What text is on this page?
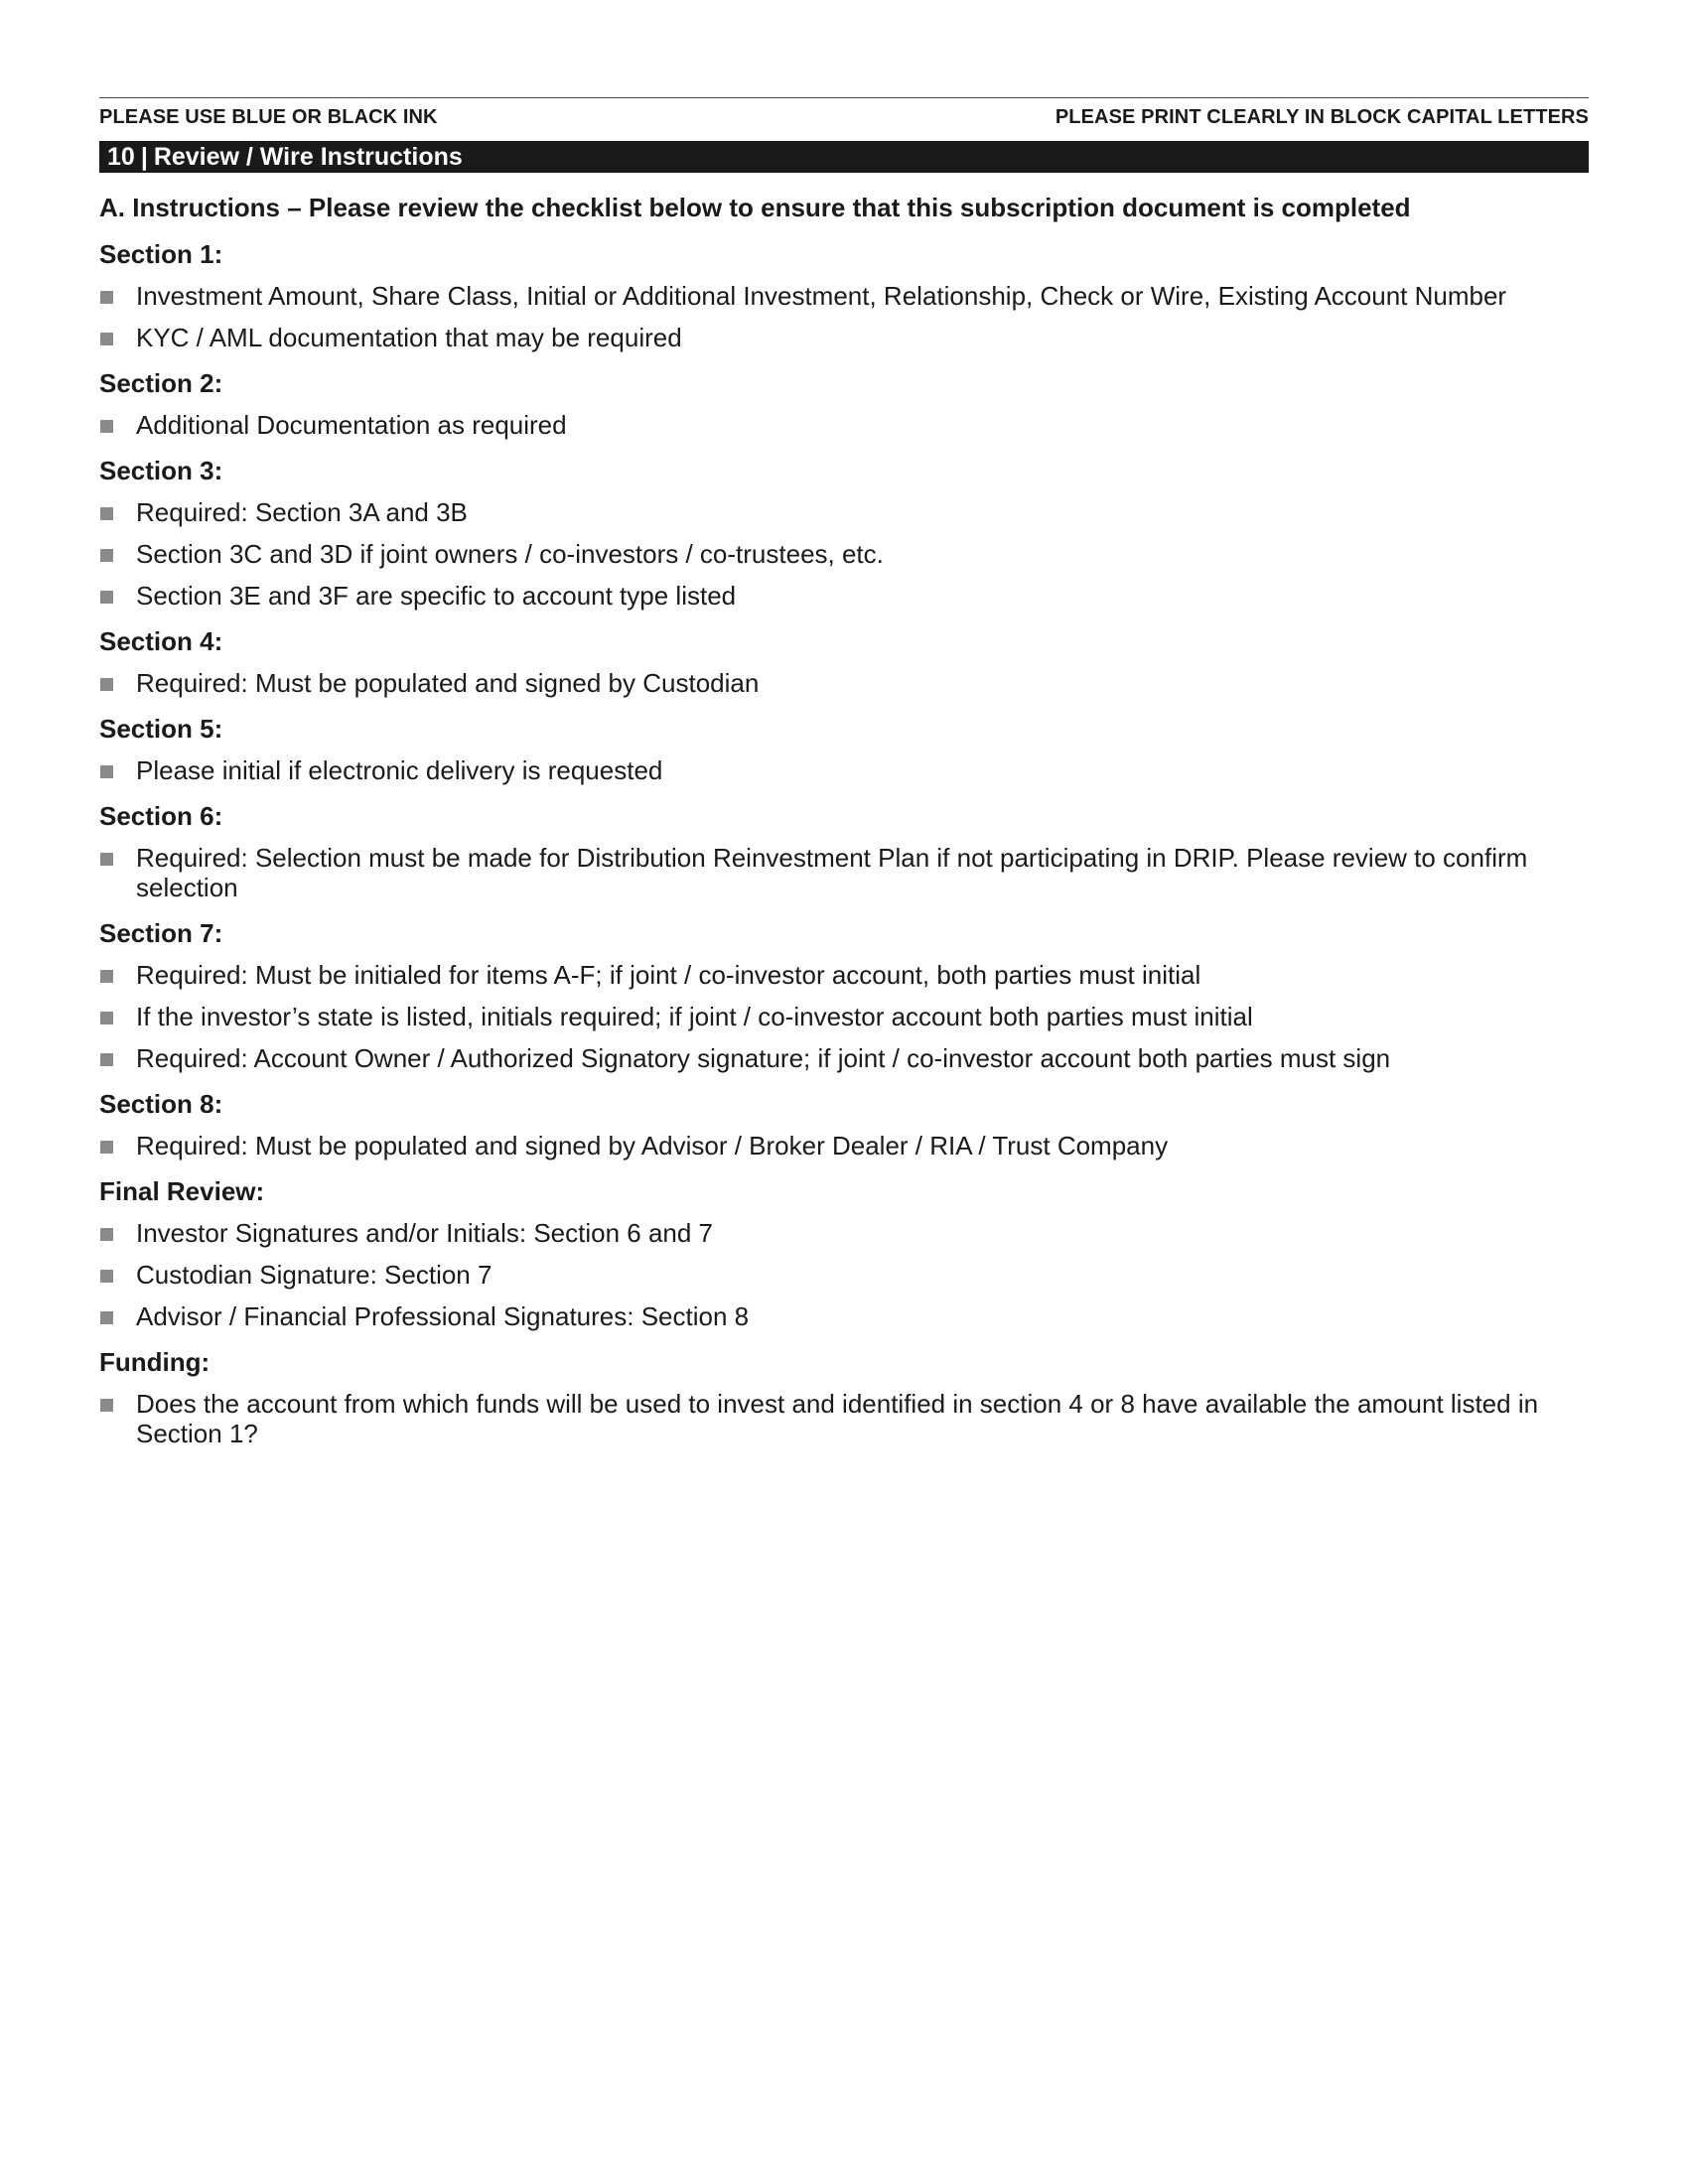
PLEASE USE BLUE OR BLACK INK	PLEASE PRINT CLEARLY IN BLOCK CAPITAL LETTERS
10 | Review / Wire Instructions
A. Instructions – Please review the checklist below to ensure that this subscription document is completed
Section 1:
Investment Amount, Share Class, Initial or Additional Investment, Relationship, Check or Wire, Existing Account Number
KYC / AML documentation that may be required
Section 2:
Additional Documentation as required
Section 3:
Required: Section 3A and 3B
Section 3C and 3D if joint owners / co-investors / co-trustees, etc.
Section 3E and 3F are specific to account type listed
Section 4:
Required: Must be populated and signed by Custodian
Section 5:
Please initial if electronic delivery is requested
Section 6:
Required: Selection must be made for Distribution Reinvestment Plan if not participating in DRIP. Please review to confirm selection
Section 7:
Required: Must be initialed for items A-F; if joint / co-investor account, both parties must initial
If the investor’s state is listed, initials required; if joint / co-investor account both parties must initial
Required: Account Owner / Authorized Signatory signature; if joint / co-investor account both parties must sign
Section 8:
Required: Must be populated and signed by Advisor / Broker Dealer / RIA / Trust Company
Final Review:
Investor Signatures and/or Initials: Section 6 and 7
Custodian Signature: Section 7
Advisor / Financial Professional Signatures: Section 8
Funding:
Does the account from which funds will be used to invest and identified in section 4 or 8 have available the amount listed in Section 1?
